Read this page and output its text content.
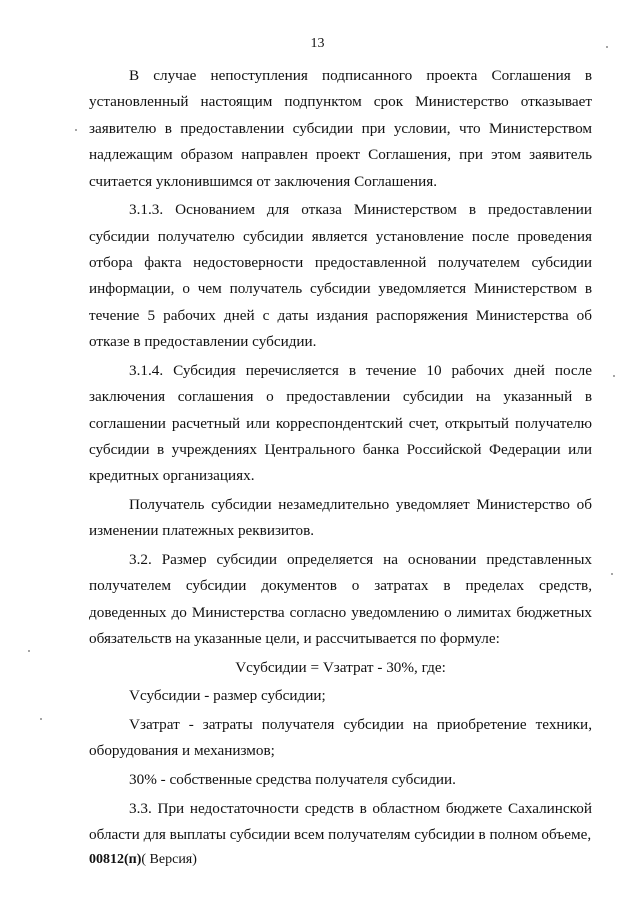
13

В случае непоступления подписанного проекта Соглашения в установленный настоящим подпунктом срок Министерство отказывает заявителю в предоставлении субсидии при условии, что Министерством надлежащим образом направлен проект Соглашения, при этом заявитель считается уклонившимся от заключения Соглашения.

3.1.3. Основанием для отказа Министерством в предоставлении субсидии получателю субсидии является установление после проведения отбора факта недостоверности предоставленной получателем субсидии информации, о чем получатель субсидии уведомляется Министерством в течение 5 рабочих дней с даты издания распоряжения Министерства об отказе в предоставлении субсидии.

3.1.4. Субсидия перечисляется в течение 10 рабочих дней после заключения соглашения о предоставлении субсидии на указанный в соглашении расчетный или корреспондентский счет, открытый получателю субсидии в учреждениях Центрального банка Российской Федерации или кредитных организациях.

Получатель субсидии незамедлительно уведомляет Министерство об изменении платежных реквизитов.

3.2. Размер субсидии определяется на основании представленных получателем субсидии документов о затратах в пределах средств, доведенных до Министерства согласно уведомлению о лимитах бюджетных обязательств на указанные цели, и рассчитывается по формуле:

Vсубсидии = Vзатрат - 30%, где:

Vсубсидии - размер субсидии;

Vзатрат - затраты получателя субсидии на приобретение техники, оборудования и механизмов;

30% - собственные средства получателя субсидии.

3.3. При недостаточности средств в областном бюджете Сахалинской области для выплаты субсидии всем получателям субсидии в полном объеме,

00812(п)( Версия)
